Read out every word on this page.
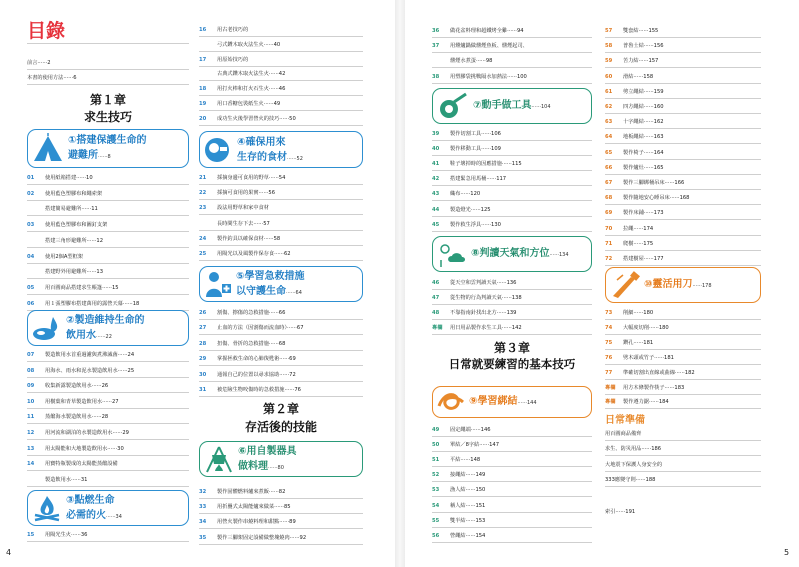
目錄
前言······2
本書的使用方法······6
第１章
求生技巧
①搭建保護生命的
避難所······8
01 使用紙箱搭建······10
02 使用藍色塑膠布和繩索架
搭建簡易避難所······11
03 使用藍色塑膠布和圖釘支架
搭建三角形避難所······12
04 使用2個A型框架
搭建野外用避難所······13
05 用百圓商品搭建求生帳篷······15
06 用１張塑膠布搭建萬用的露營天幕······18
②製造維持生命的
飲用水······22
07 製造飲用水首重過濾與煮沸滅菌······24
08 用海水、雨水和泥水製造飲用水······25
09 收集新露製造飲用水······26
10 用樹葉和青草製造飲用水······27
11 蒸餾海水製造飲用水······28
12 用河流和湖泊的水製造飲用水······29
13 用太陽能和大地製造飲用水······30
14 用寶特瓶製成的太陽能蒸餾設備
製造飲用水······31
③點燃生命
必需的火······34
15 用陽光生火······36
4
16 用古老技巧的
弓式鑽木取火法生火······40
17 用原始技巧的
古典式鑽木取火法生火······42
18 用打火棒和打火石生火······46
19 用口香糖包裝紙生火······49
20 成功生火後學習營火的技巧······50
④確保用來
生存的食材······52
21 採摘身邊可食用的野草······54
22 採摘可食用的果實······56
23 設法用野草和家中食材
長時間生存下去······57
24 製作釣具以確保食材······58
25 用陽光以及風製作保存食······62
⑤學習急救措施
以守護生命······64
26 割傷、擦傷的急救措施······66
27 止血的方法（因割傷而流血時）······67
28 扭傷、骨折的急救措施······68
29 掌握拯救生命的心肺復甦術······69
30 通報自己的位置以尋求協助······72
31 被危險生物咬傷時的急救措施······76
第２章
存活後的技能
⑥用自製器具
做料理······80
32 製作固體燃料爐來煮飯······82
33 用折疊式太陽能爐來做菜······85
34 用營火製作串燒料理和甜點······89
35 製作三腳架固定設備做整塊燒肉······92
36 做花盆料理和超鐵烤全雞······94
37 用燻爐鍋做燻煙魚板、燻煙起司、
燻煙水煮蛋······98
38 用塑膠袋挑戰隔水加熱法······100
⑦動手做工具······104
39 製作切割工具······106
40 製作移動工具······109
41 鞋子壞掉時的因應措施······115
42 搭建緊急用馬桶······117
43 織布······120
44 製造燈光······125
45 製作救生浮具······130
⑧判讀天氣和方位······134
46 從天空和雲判讀天氣······136
47 從生物的行為判讀天氣······138
48 不靠指南針找出北方······139
專欄 用日用品製作求生工具······142
第３章
日常就要練習的基本技巧
⑨學習綁結······144
49 固定繩端······146
50 單結／8字結······147
51 平結······148
52 接繩結······149
53 漁人結······150
54 稱人結······151
55 雙半結······153
56 營繩結······154
57 雙套結······155
58 普魯士結······156
59 苦力結······157
60 滑結······158
61 剪立繩結······159
62 四方繩結······160
63 十字繩結······162
64 地板繩結······163
65 製作椅子······164
66 製作爐灶······165
67 製作三腳綁桶吊床······166
68 製作隨地安心睡吊床······168
69 製作床鋪······173
70 拉繩······174
71 爬樹······175
72 搭建樹屋······177
⑩靈活用刀······178
73 削細······180
74 大幅度切削······180
75 鑽孔······181
76 劈木頭或竹子······181
77 準確切割出直線或曲線······182
專欄 用方木條製作筷子······183
專欄 製作遵力鋸······184
日常準備
用百圓商品備齊
求生、防災用品······186
大地震下保護人身安全的
333應變守則······188
索引······191
5
